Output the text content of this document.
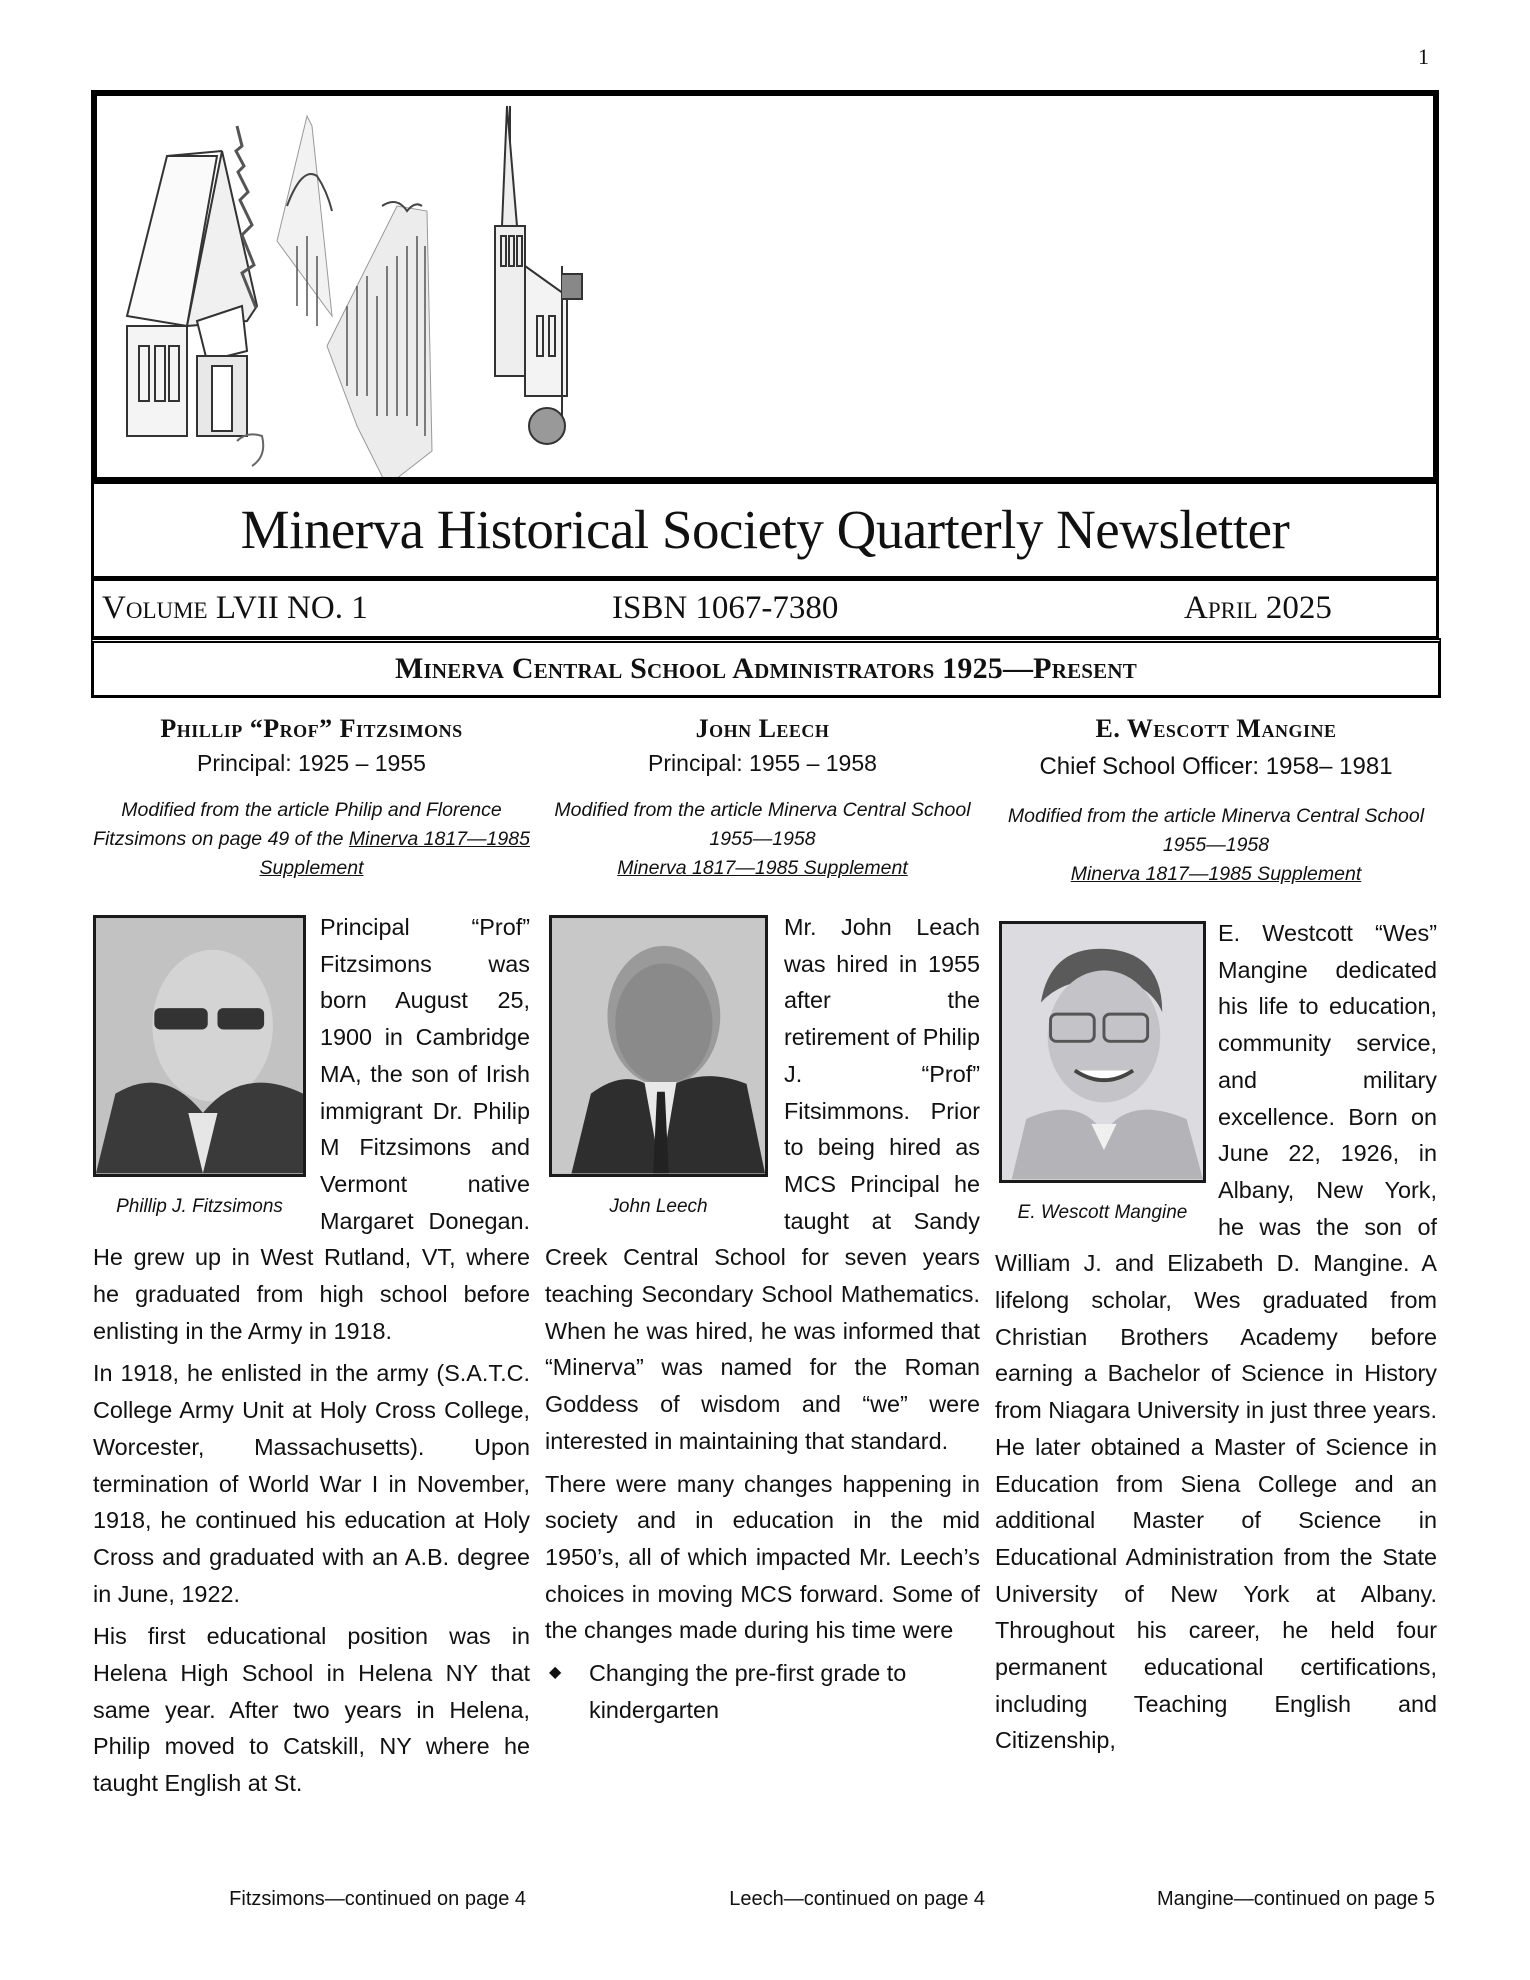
1
Minerva Historical Society Quarterly Newsletter
Volume LVII NO. 1	ISBN 1067-7380	April 2025
Minerva Central School Administrators 1925—Present
Phillip “Prof” Fitzsimons
Principal: 1925 – 1955
Modified from the article Philip and Florence Fitzsimons on page 49 of the Minerva 1817—1985 Supplement
Phillip J. Fitzsimons

Principal “Prof” Fitzsimons was born August 25, 1900 in Cambridge MA, the son of Irish immigrant Dr. Philip M Fitzsimons and Vermont native Margaret Donegan. He grew up in West Rutland, VT, where he graduated from high school before enlisting in the Army in 1918.

In 1918, he enlisted in the army (S.A.T.C. College Army Unit at Holy Cross College, Worcester, Massachusetts). Upon termination of World War I in November, 1918, he continued his education at Holy Cross and graduated with an A.B. degree in June, 1922.

His first educational position was in Helena High School in Helena NY that same year. After two years in Helena, Philip moved to Catskill, NY where he taught English at St.

John Leech
Principal: 1955 – 1958
Modified from the article Minerva Central School 1955—1958
Minerva 1817—1985 Supplement
John Leech

Mr. John Leach was hired in 1955 after the retirement of Philip J. “Prof” Fitsimmons. Prior to being hired as MCS Principal he taught at Sandy Creek Central School for seven years teaching Secondary School Mathematics. When he was hired, he was informed that “Minerva” was named for the Roman Goddess of wisdom and “we” were interested in maintaining that standard.

There were many changes happening in society and in education in the mid 1950’s, all of which impacted Mr. Leech’s choices in moving MCS forward. Some of the changes made during his time were

◆ Changing the pre-first grade to kindergarten
E. Wescott Mangine
Chief School Officer: 1958– 1981
Modified from the article Minerva Central School 1955—1958
Minerva 1817—1985 Supplement
E. Wescott Mangine

E. Westcott “Wes” Mangine dedicated his life to education, community service, and military excellence. Born on June 22, 1926, in Albany, New York, he was the son of William J. and Elizabeth D. Mangine. A lifelong scholar, Wes graduated from Christian Brothers Academy before earning a Bachelor of Science in History from Niagara University in just three years. He later obtained a Master of Science in Education from Siena College and an additional Master of Science in Educational Administration from the State University of New York at Albany. Throughout his career, he held four permanent educational certifications, including Teaching English and Citizenship,

Fitzsimons—continued on page 4	Leech—continued on page 4	Mangine—continued on page 5
